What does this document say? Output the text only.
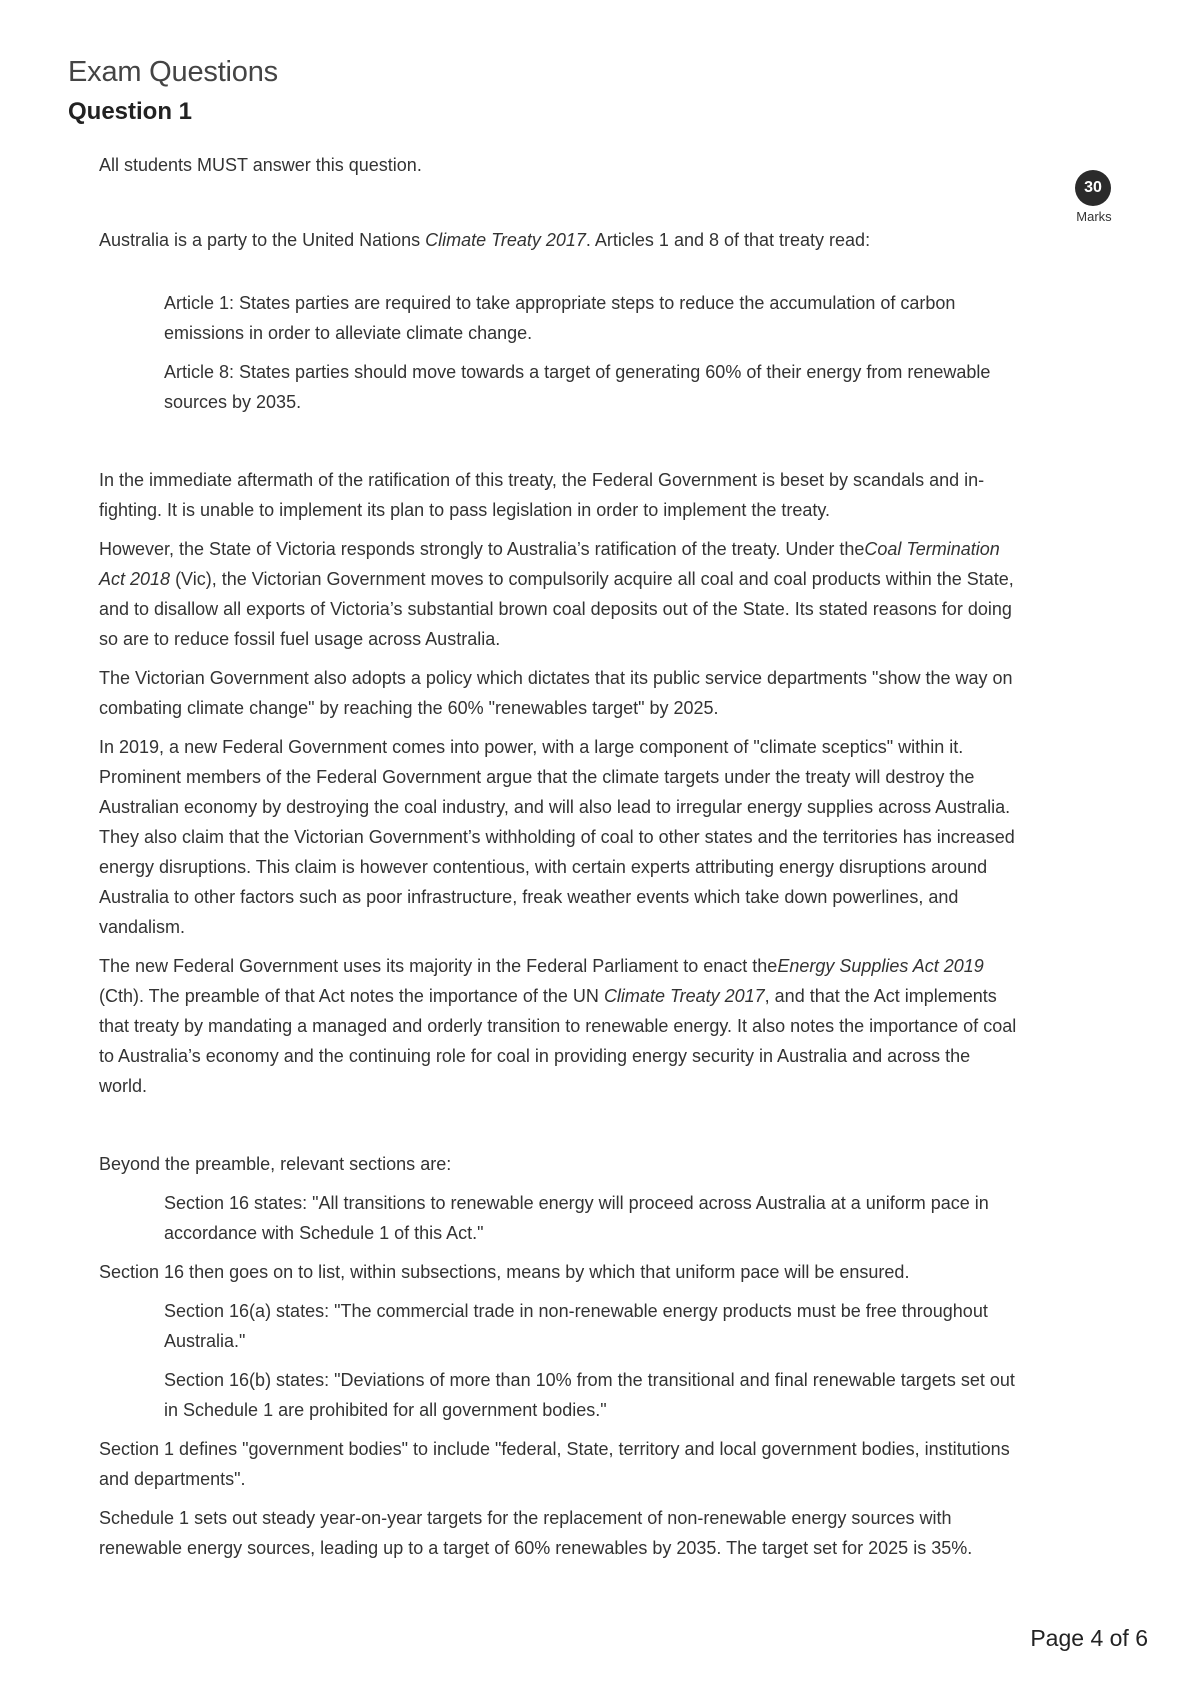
Exam Questions
Question 1
30
Marks

All students MUST answer this question.

Australia is a party to the United Nations Climate Treaty 2017. Articles 1 and 8 of that treaty read:

Article 1: States parties are required to take appropriate steps to reduce the accumulation of carbon emissions in order to alleviate climate change.

Article 8: States parties should move towards a target of generating 60% of their energy from renewable sources by 2035.

In the immediate aftermath of the ratification of this treaty, the Federal Government is beset by scandals and in-fighting. It is unable to implement its plan to pass legislation in order to implement the treaty.

However, the State of Victoria responds strongly to Australia’s ratification of the treaty. Under theCoal Termination Act 2018 (Vic), the Victorian Government moves to compulsorily acquire all coal and coal products within the State, and to disallow all exports of Victoria’s substantial brown coal deposits out of the State. Its stated reasons for doing so are to reduce fossil fuel usage across Australia.

The Victorian Government also adopts a policy which dictates that its public service departments "show the way on combating climate change" by reaching the 60% "renewables target" by 2025.

In 2019, a new Federal Government comes into power, with a large component of "climate sceptics" within it. Prominent members of the Federal Government argue that the climate targets under the treaty will destroy the Australian economy by destroying the coal industry, and will also lead to irregular energy supplies across Australia. They also claim that the Victorian Government’s withholding of coal to other states and the territories has increased energy disruptions. This claim is however contentious, with certain experts attributing energy disruptions around Australia to other factors such as poor infrastructure, freak weather events which take down powerlines, and vandalism.

The new Federal Government uses its majority in the Federal Parliament to enact theEnergy Supplies Act 2019 (Cth). The preamble of that Act notes the importance of the UN Climate Treaty 2017, and that the Act implements that treaty by mandating a managed and orderly transition to renewable energy. It also notes the importance of coal to Australia’s economy and the continuing role for coal in providing energy security in Australia and across the world.

Beyond the preamble, relevant sections are:

Section 16 states: "All transitions to renewable energy will proceed across Australia at a uniform pace in accordance with Schedule 1 of this Act."

Section 16 then goes on to list, within subsections, means by which that uniform pace will be ensured.

Section 16(a) states: "The commercial trade in non-renewable energy products must be free throughout Australia."

Section 16(b) states: "Deviations of more than 10% from the transitional and final renewable targets set out in Schedule 1 are prohibited for all government bodies."

Section 1 defines "government bodies" to include "federal, State, territory and local government bodies, institutions and departments".

Schedule 1 sets out steady year-on-year targets for the replacement of non-renewable energy sources with renewable energy sources, leading up to a target of 60% renewables by 2035. The target set for 2025 is 35%.

Page 4 of 6
